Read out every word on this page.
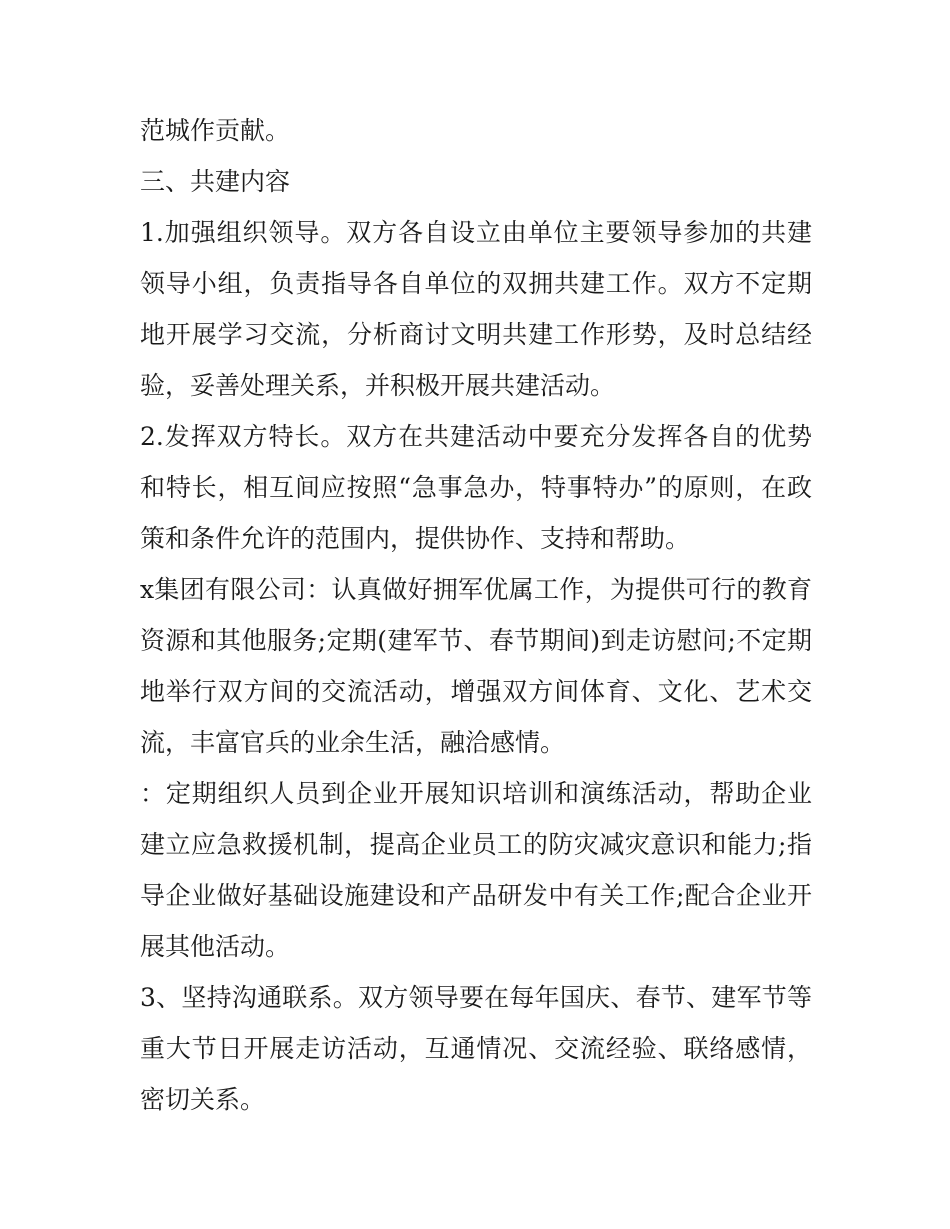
范城作贡献。

三、共建内容

1.加强组织领导。双方各自设立由单位主要领导参加的共建领导小组，负责指导各自单位的双拥共建工作。双方不定期地开展学习交流，分析商讨文明共建工作形势，及时总结经验，妥善处理关系，并积极开展共建活动。

2.发挥双方特长。双方在共建活动中要充分发挥各自的优势和特长，相互间应按照“急事急办，特事特办”的原则，在政策和条件允许的范围内，提供协作、支持和帮助。

x集团有限公司：认真做好拥军优属工作，为提供可行的教育资源和其他服务;定期(建军节、春节期间)到走访慰问;不定期地举行双方间的交流活动，增强双方间体育、文化、艺术交流，丰富官兵的业余生活，融洽感情。

：定期组织人员到企业开展知识培训和演练活动，帮助企业建立应急救援机制，提高企业员工的防灾减灾意识和能力;指导企业做好基础设施建设和产品研发中有关工作;配合企业开展其他活动。

3、坚持沟通联系。双方领导要在每年国庆、春节、建军节等重大节日开展走访活动，互通情况、交流经验、联络感情，密切关系。
